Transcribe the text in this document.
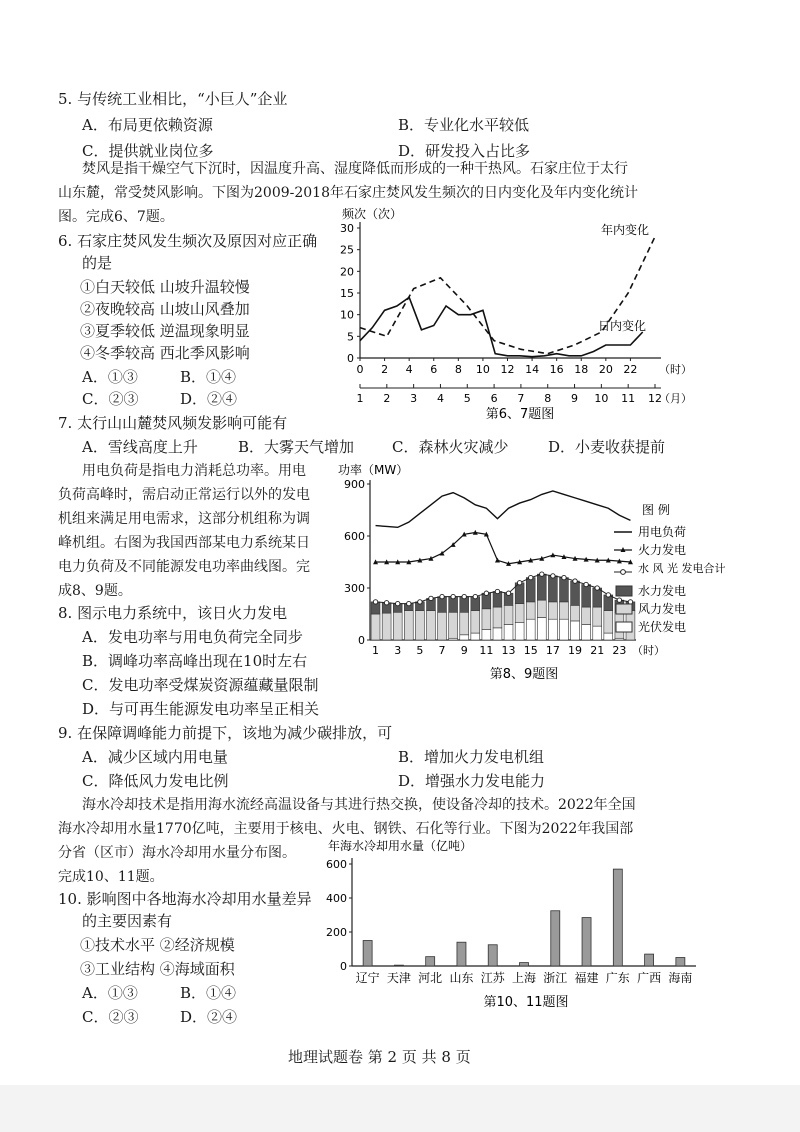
5. 与传统工业相比，“小巨人”企业
A．布局更依赖资源	B．专业化水平较低
C．提供就业岗位多	D．研发投入占比多
焚风是指干燥空气下沉时，因温度升高、湿度降低而形成的一种干热风。石家庄位于太行
山东麓，常受焚风影响。下图为2009-2018年石家庄焚风发生频次的日内变化及年内变化统计
图。完成6、7题。
6. 石家庄焚风发生频次及原因对应正确
的是
①白天较低 山坡升温较慢
②夜晚较高 山坡山风叠加
③夏季较低 逆温现象明显
④冬季较高 西北季风影响
A．①③	B．①④
C．②③	D．②④
频次（次）
0
5
10
15
20
25
30
0 2 4 6 8 10 12 14 16 18 20 22 （时）
1 2 3 4 5 6 7 8 9 10 11 12
（月）
年内变化
日内变化
第6、7题图
7. 太行山山麓焚风频发影响可能有
A．雪线高度上升	B．大雾天气增加	C．森林火灾减少	D．小麦收获提前
用电负荷是指电力消耗总功率。用电
负荷高峰时，需启动正常运行以外的发电
机组来满足用电需求，这部分机组称为调
峰机组。右图为我国西部某电力系统某日
电力负荷及不同能源发电功率曲线图。完
成8、9题。
功率（MW）
0
300
600
900
1 3 5 7 9 11 13 15 17 19 21 23 （时）
图 例
用电负荷
火力发电
水 风 光 发电合计
水力发电
风力发电
光伏发电
第8、9题图
8. 图示电力系统中，该日火力发电
A．发电功率与用电负荷完全同步
B．调峰功率高峰出现在10时左右
C．发电功率受煤炭资源蕴藏量限制
D．与可再生能源发电功率呈正相关
9. 在保障调峰能力前提下，该地为减少碳排放，可
A．减少区域内用电量	B．增加火力发电机组
C．降低风力发电比例	D．增强水力发电能力
海水冷却技术是指用海水流经高温设备与其进行热交换，使设备冷却的技术。2022年全国
海水冷却用水量1770亿吨，主要用于核电、火电、钢铁、石化等行业。下图为2022年我国部
分省（区市）海水冷却用水量分布图。
完成10、11题。
10. 影响图中各地海水冷却用水量差异
的主要因素有
①技术水平 ②经济规模
③工业结构 ④海域面积
A．①③	B．①④
C．②③	D．②④
年海水冷却用水量（亿吨）
0
200
400
600
辽宁 天津 河北 山东 江苏 上海 浙江 福建 广东 广西 海南
第10、11题图
地理试题卷 第 2 页 共 8 页
